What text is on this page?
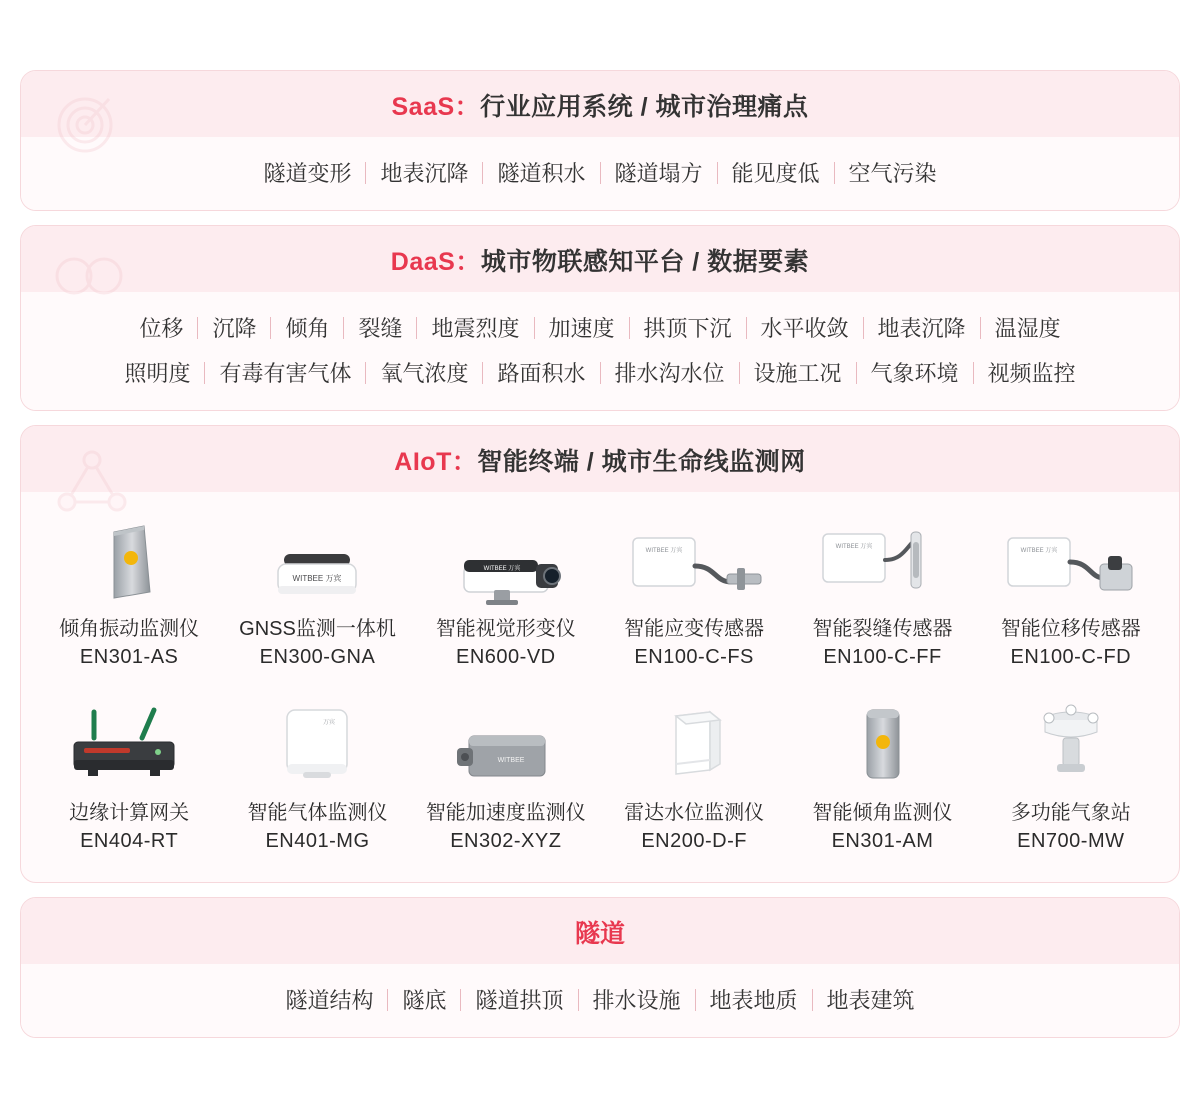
SaaS：行业应用系统 / 城市治理痛点
隧道变形	地表沉降	隧道积水	隧道塌方	能见度低	空气污染
DaaS：城市物联感知平台 / 数据要素
位移	沉降	倾角	裂缝	地震烈度	加速度	拱顶下沉	水平收敛	地表沉降	温湿度
照明度	有毒有害气体	氧气浓度	路面积水	排水沟水位	设施工况	气象环境	视频监控
AIoT：智能终端 / 城市生命线监测网
倾角振动监测仪
EN301-AS
WITBEE 万宾
GNSS监测一体机
EN300-GNA
WITBEE 万宾
智能视觉形变仪
EN600-VD
WITBEE 万宾
智能应变传感器
EN100-C-FS
WITBEE 万宾
智能裂缝传感器
EN100-C-FF
WITBEE 万宾
智能位移传感器
EN100-C-FD
边缘计算网关
EN404-RT
万宾
智能气体监测仪
EN401-MG
WITBEE
智能加速度监测仪
EN302-XYZ
雷达水位监测仪
EN200-D-F
智能倾角监测仪
EN301-AM
多功能气象站
EN700-MW
隧道
隧道结构	隧底	隧道拱顶	排水设施	地表地质	地表建筑
